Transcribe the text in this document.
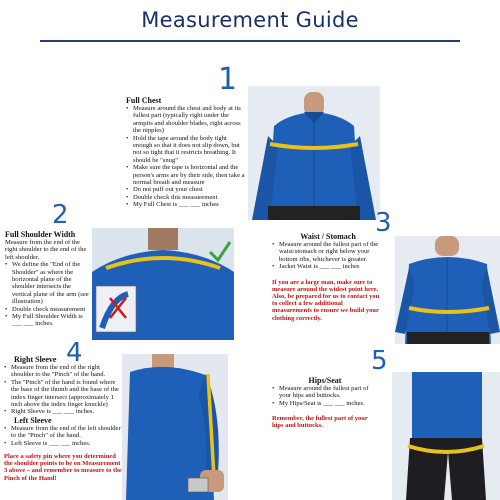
Measurement Guide
1
Full Chest
• Measure around the chest and body at its fullest part (typically right under the armpits and shoulder blades, right across the nipples)
• Hold the tape around the body tight enough so that it does not slip down, but not so tight that it restricts breathing. It should be "snug"
• Make sure the tape is horizontal and the person's arms are by their side, then take a normal breath and measure
• Do not puff out your chest
• Double check this measurement
• My Full Chest is ___ ___ inches
2
Full Shoulder Width
Measure from the end of the right shoulder to the end of the left shoulder.
• We define the "End of the Shoulder" as where the horizontal plane of the shoulder intersects the vertical plane of the arm (see illustration)
• Double check measurement
• My Full Shoulder Width is ___ ___ inches.
3
Waist / Stomach
• Measure around the fullest part of the waist/stomach or right below your bottom ribs, whichever is greater.
• Jacket Waist is ___ ___ inches
If you are a large man, make sure to measure around the widest point here. Also, be prepared for us to contact you to collect a few additional measurements to ensure we build your clothing correctly.
4
Right Sleeve
• Measure from the end of the right shoulder to the "Pinch" of the hand.
• The "Pinch" of the hand is found where the base of the thumb and the base of the index finger intersect (approximately 1 inch above the index finger knuckle)
• Right Sleeve is ___ ___ inches.
Left Sleeve
• Measure from the end of the left shoulder to the "Pinch" of the hand.
• Left Sleeve is ___ ___ inches.
Place a safety pin where you determined the shoulder points to be on Measurement 3 above – and remember to measure to the Pinch of the Hand!
5
Hips/Seat
• Measure around the fullest part of your hips and buttocks.
• My Hips/Seat is ___ ___ inches.
Remember, the fullest part of your hips and buttocks.
